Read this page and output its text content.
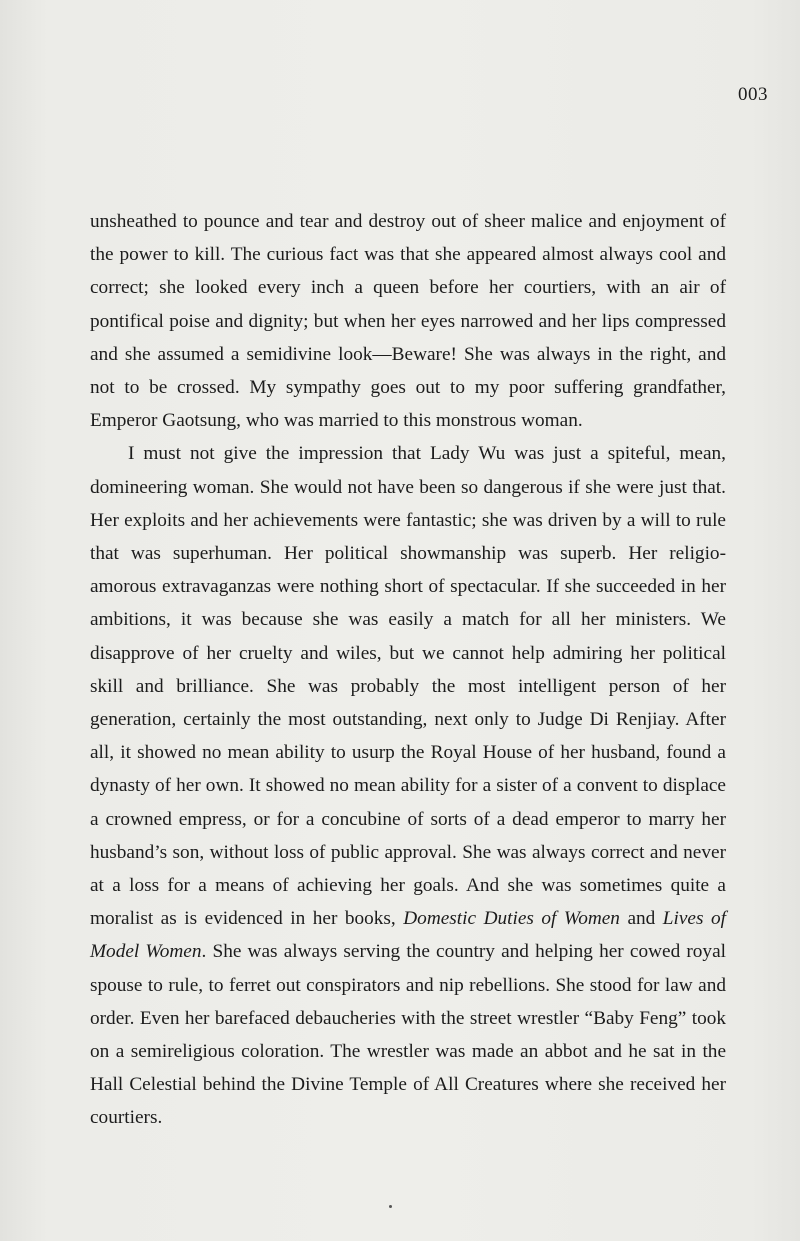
003

unsheathed to pounce and tear and destroy out of sheer malice and enjoyment of the power to kill. The curious fact was that she appeared almost always cool and correct; she looked every inch a queen before her courtiers, with an air of pontifical poise and dignity; but when her eyes narrowed and her lips compressed and she assumed a semidivine look—Beware! She was always in the right, and not to be crossed. My sympathy goes out to my poor suffering grandfather, Emperor Gaotsung, who was married to this monstrous woman.

I must not give the impression that Lady Wu was just a spiteful, mean, domineering woman. She would not have been so dangerous if she were just that. Her exploits and her achievements were fantastic; she was driven by a will to rule that was superhuman. Her political showmanship was superb. Her religio-amorous extravaganzas were nothing short of spectacular. If she succeeded in her ambitions, it was because she was easily a match for all her ministers. We disapprove of her cruelty and wiles, but we cannot help admiring her political skill and brilliance. She was probably the most intelligent person of her generation, certainly the most outstanding, next only to Judge Di Renjiay. After all, it showed no mean ability to usurp the Royal House of her husband, found a dynasty of her own. It showed no mean ability for a sister of a convent to displace a crowned empress, or for a concubine of sorts of a dead emperor to marry her husband’s son, without loss of public approval. She was always correct and never at a loss for a means of achieving her goals. And she was sometimes quite a moralist as is evidenced in her books, Domestic Duties of Women and Lives of Model Women. She was always serving the country and helping her cowed royal spouse to rule, to ferret out conspirators and nip rebellions. She stood for law and order. Even her barefaced debaucheries with the street wrestler “Baby Feng” took on a semireligious coloration. The wrestler was made an abbot and he sat in the Hall Celestial behind the Divine Temple of All Creatures where she received her courtiers.
